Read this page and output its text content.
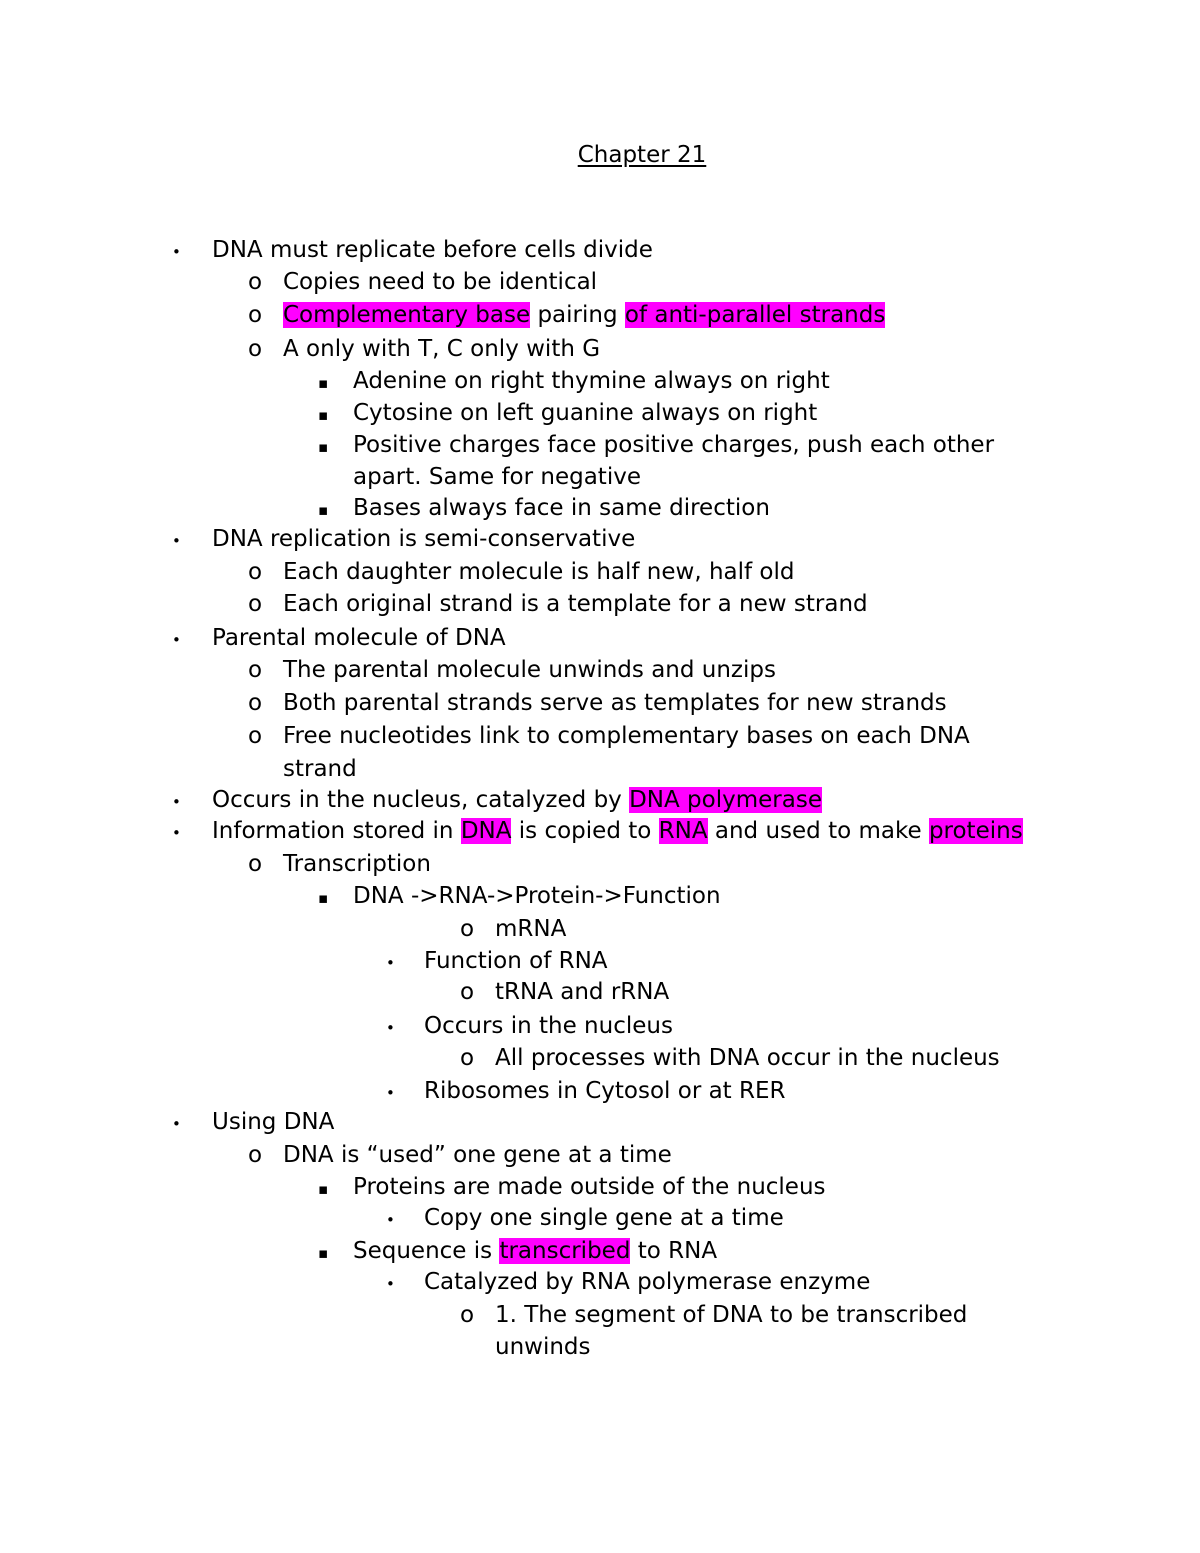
Chapter 21
• DNA must replicate before cells divide
o Copies need to be identical
o Complementary base pairing of anti-parallel strands
o A only with T, C only with G
▪ Adenine on right thymine always on right
▪ Cytosine on left guanine always on right
▪ Positive charges face positive charges, push each other
apart. Same for negative
▪ Bases always face in same direction
• DNA replication is semi-conservative
o Each daughter molecule is half new, half old
o Each original strand is a template for a new strand
• Parental molecule of DNA
o The parental molecule unwinds and unzips
o Both parental strands serve as templates for new strands
o Free nucleotides link to complementary bases on each DNA
strand
• Occurs in the nucleus, catalyzed by DNA polymerase
• Information stored in DNA is copied to RNA and used to make proteins
o Transcription
▪ DNA ->RNA->Protein->Function
o mRNA
• Function of RNA
o tRNA and rRNA
• Occurs in the nucleus
o All processes with DNA occur in the nucleus
• Ribosomes in Cytosol or at RER
• Using DNA
o DNA is “used” one gene at a time
▪ Proteins are made outside of the nucleus
• Copy one single gene at a time
▪ Sequence is transcribed to RNA
• Catalyzed by RNA polymerase enzyme
o 1. The segment of DNA to be transcribed
unwinds
